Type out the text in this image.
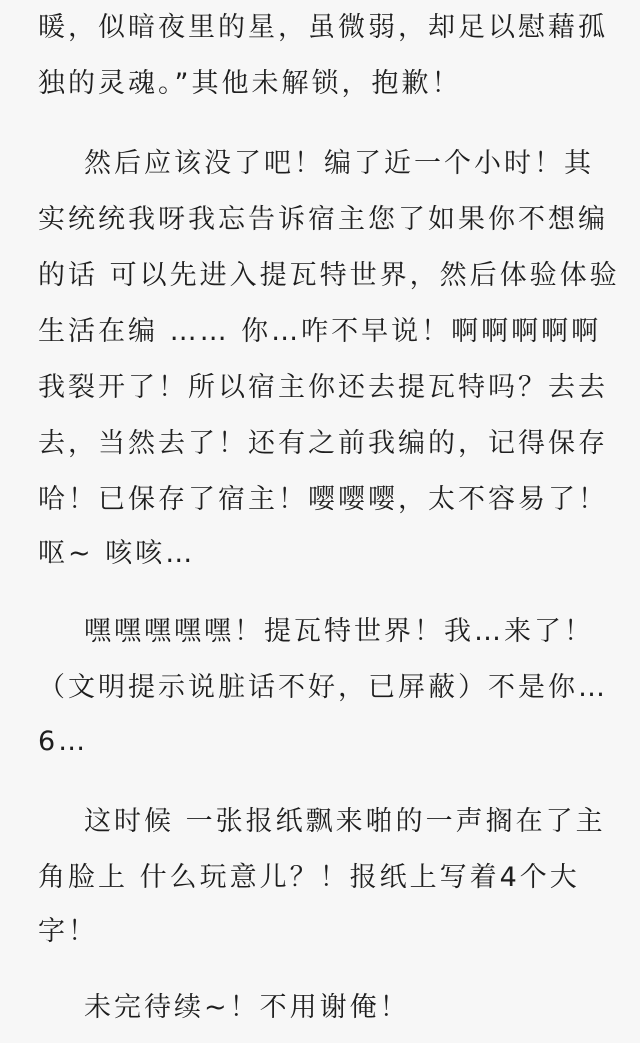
暖，似暗夜里的星，虽微弱，却足以慰藉孤
独的灵魂。”其他未解锁，抱歉！
然后应该没了吧！编了近一个小时！其
实统统我呀我忘告诉宿主您了如果你不想编
的话 可以先进入提瓦特世界，然后体验体验
生活在编 …… 你…咋不早说！啊啊啊啊啊
我裂开了！所以宿主你还去提瓦特吗？去去
去，当然去了！还有之前我编的，记得保存
哈！已保存了宿主！嘤嘤嘤，太不容易了！
呕~ 咳咳…
嘿嘿嘿嘿嘿！提瓦特世界！我…来了！
（文明提示说脏话不好，已屏蔽）不是你…
6…
这时候 一张报纸飘来啪的一声搁在了主
角脸上 什么玩意儿？！报纸上写着4个大
字！
未完待续~！不用谢俺！
